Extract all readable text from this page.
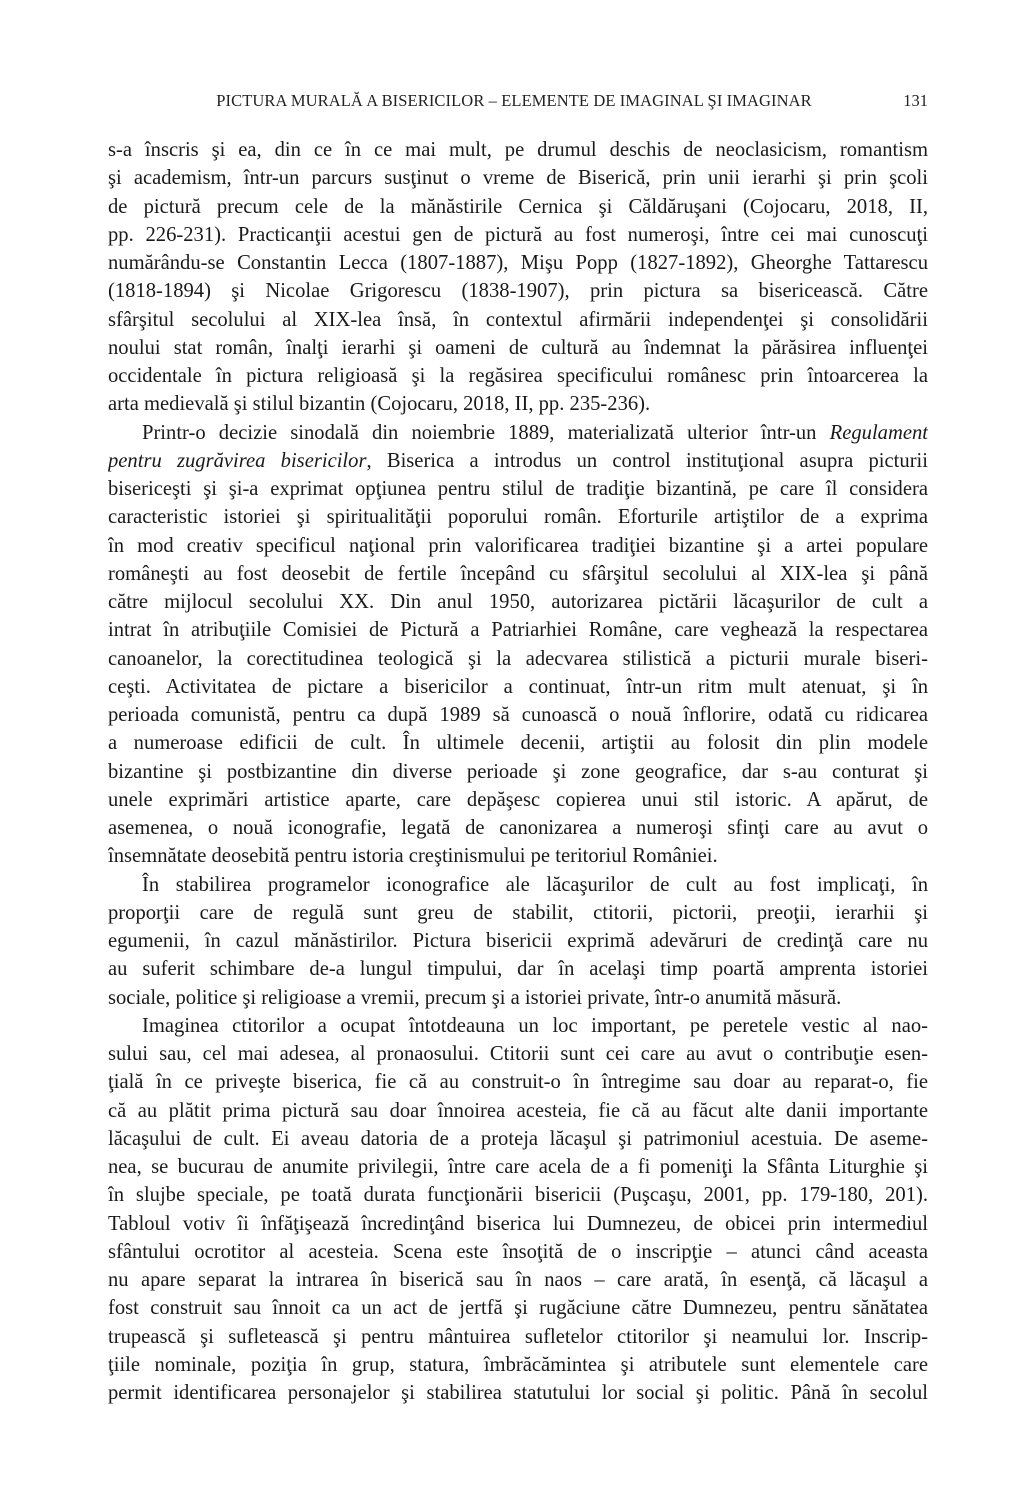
PICTURA MURALĂ A BISERICILOR – ELEMENTE DE IMAGINAL ŞI IMAGINAR	131
s-a înscris şi ea, din ce în ce mai mult, pe drumul deschis de neoclasicism, romantism
şi academism, într-un parcurs susţinut o vreme de Biserică, prin unii ierarhi şi prin şcoli
de pictură precum cele de la mănăstirile Cernica şi Căldăruşani (Cojocaru, 2018, II,
pp. 226-231). Practicanţii acestui gen de pictură au fost numeroşi, între cei mai cunoscuţi
numărându-se Constantin Lecca (1807-1887), Mişu Popp (1827-1892), Gheorghe Tattarescu
(1818-1894) şi Nicolae Grigorescu (1838-1907), prin pictura sa bisericească. Către
sfârşitul secolului al XIX-lea însă, în contextul afirmării independenţei şi consolidării
noului stat român, înalţi ierarhi şi oameni de cultură au îndemnat la părăsirea influenţei
occidentale în pictura religioasă şi la regăsirea specificului românesc prin întoarcerea la
arta medievală şi stilul bizantin (Cojocaru, 2018, II, pp. 235-236).
Printr-o decizie sinodală din noiembrie 1889, materializată ulterior într-un Regulament
pentru zugrăvirea bisericilor, Biserica a introdus un control instituţional asupra picturii
bisericeşti şi şi-a exprimat opţiunea pentru stilul de tradiţie bizantină, pe care îl considera
caracteristic istoriei şi spiritualităţii poporului român. Eforturile artiştilor de a exprima
în mod creativ specificul naţional prin valorificarea tradiţiei bizantine şi a artei populare
româneşti au fost deosebit de fertile începând cu sfârşitul secolului al XIX-lea şi până
către mijlocul secolului XX. Din anul 1950, autorizarea pictării lăcaşurilor de cult a
intrat în atribuţiile Comisiei de Pictură a Patriarhiei Române, care veghează la respectarea
canoanelor, la corectitudinea teologică şi la adecvarea stilistică a picturii murale biseri-
ceşti. Activitatea de pictare a bisericilor a continuat, într-un ritm mult atenuat, şi în
perioada comunistă, pentru ca după 1989 să cunoască o nouă înflorire, odată cu ridicarea
a numeroase edificii de cult. În ultimele decenii, artiştii au folosit din plin modele
bizantine şi postbizantine din diverse perioade şi zone geografice, dar s-au conturat şi
unele exprimări artistice aparte, care depăşesc copierea unui stil istoric. A apărut, de
asemenea, o nouă iconografie, legată de canonizarea a numeroşi sfinţi care au avut o
însemnătate deosebită pentru istoria creştinismului pe teritoriul României.
În stabilirea programelor iconografice ale lăcaşurilor de cult au fost implicaţi, în
proporţii care de regulă sunt greu de stabilit, ctitorii, pictorii, preoţii, ierarhii şi
egumenii, în cazul mănăstirilor. Pictura bisericii exprimă adevăruri de credinţă care nu
au suferit schimbare de-a lungul timpului, dar în acelaşi timp poartă amprenta istoriei
sociale, politice şi religioase a vremii, precum şi a istoriei private, într-o anumită măsură.
Imaginea ctitorilor a ocupat întotdeauna un loc important, pe peretele vestic al nao-
sului sau, cel mai adesea, al pronaosului. Ctitorii sunt cei care au avut o contribuţie esen-
ţială în ce priveşte biserica, fie că au construit-o în întregime sau doar au reparat-o, fie
că au plătit prima pictură sau doar înnoirea acesteia, fie că au făcut alte danii importante
lăcaşului de cult. Ei aveau datoria de a proteja lăcaşul şi patrimoniul acestuia. De aseme-
nea, se bucurau de anumite privilegii, între care acela de a fi pomeniţi la Sfânta Liturghie şi
în slujbe speciale, pe toată durata funcţionării bisericii (Puşcaşu, 2001, pp. 179-180, 201).
Tabloul votiv îi înfăţişează încredinţând biserica lui Dumnezeu, de obicei prin intermediul
sfântului ocrotitor al acesteia. Scena este însoţită de o inscripţie – atunci când aceasta
nu apare separat la intrarea în biserică sau în naos – care arată, în esenţă, că lăcaşul a
fost construit sau înnoit ca un act de jertfă şi rugăciune către Dumnezeu, pentru sănătatea
trupească şi sufletească şi pentru mântuirea sufletelor ctitorilor şi neamului lor. Inscrip-
ţiile nominale, poziţia în grup, statura, îmbrăcămintea şi atributele sunt elementele care
permit identificarea personajelor şi stabilirea statutului lor social şi politic. Până în secolul
